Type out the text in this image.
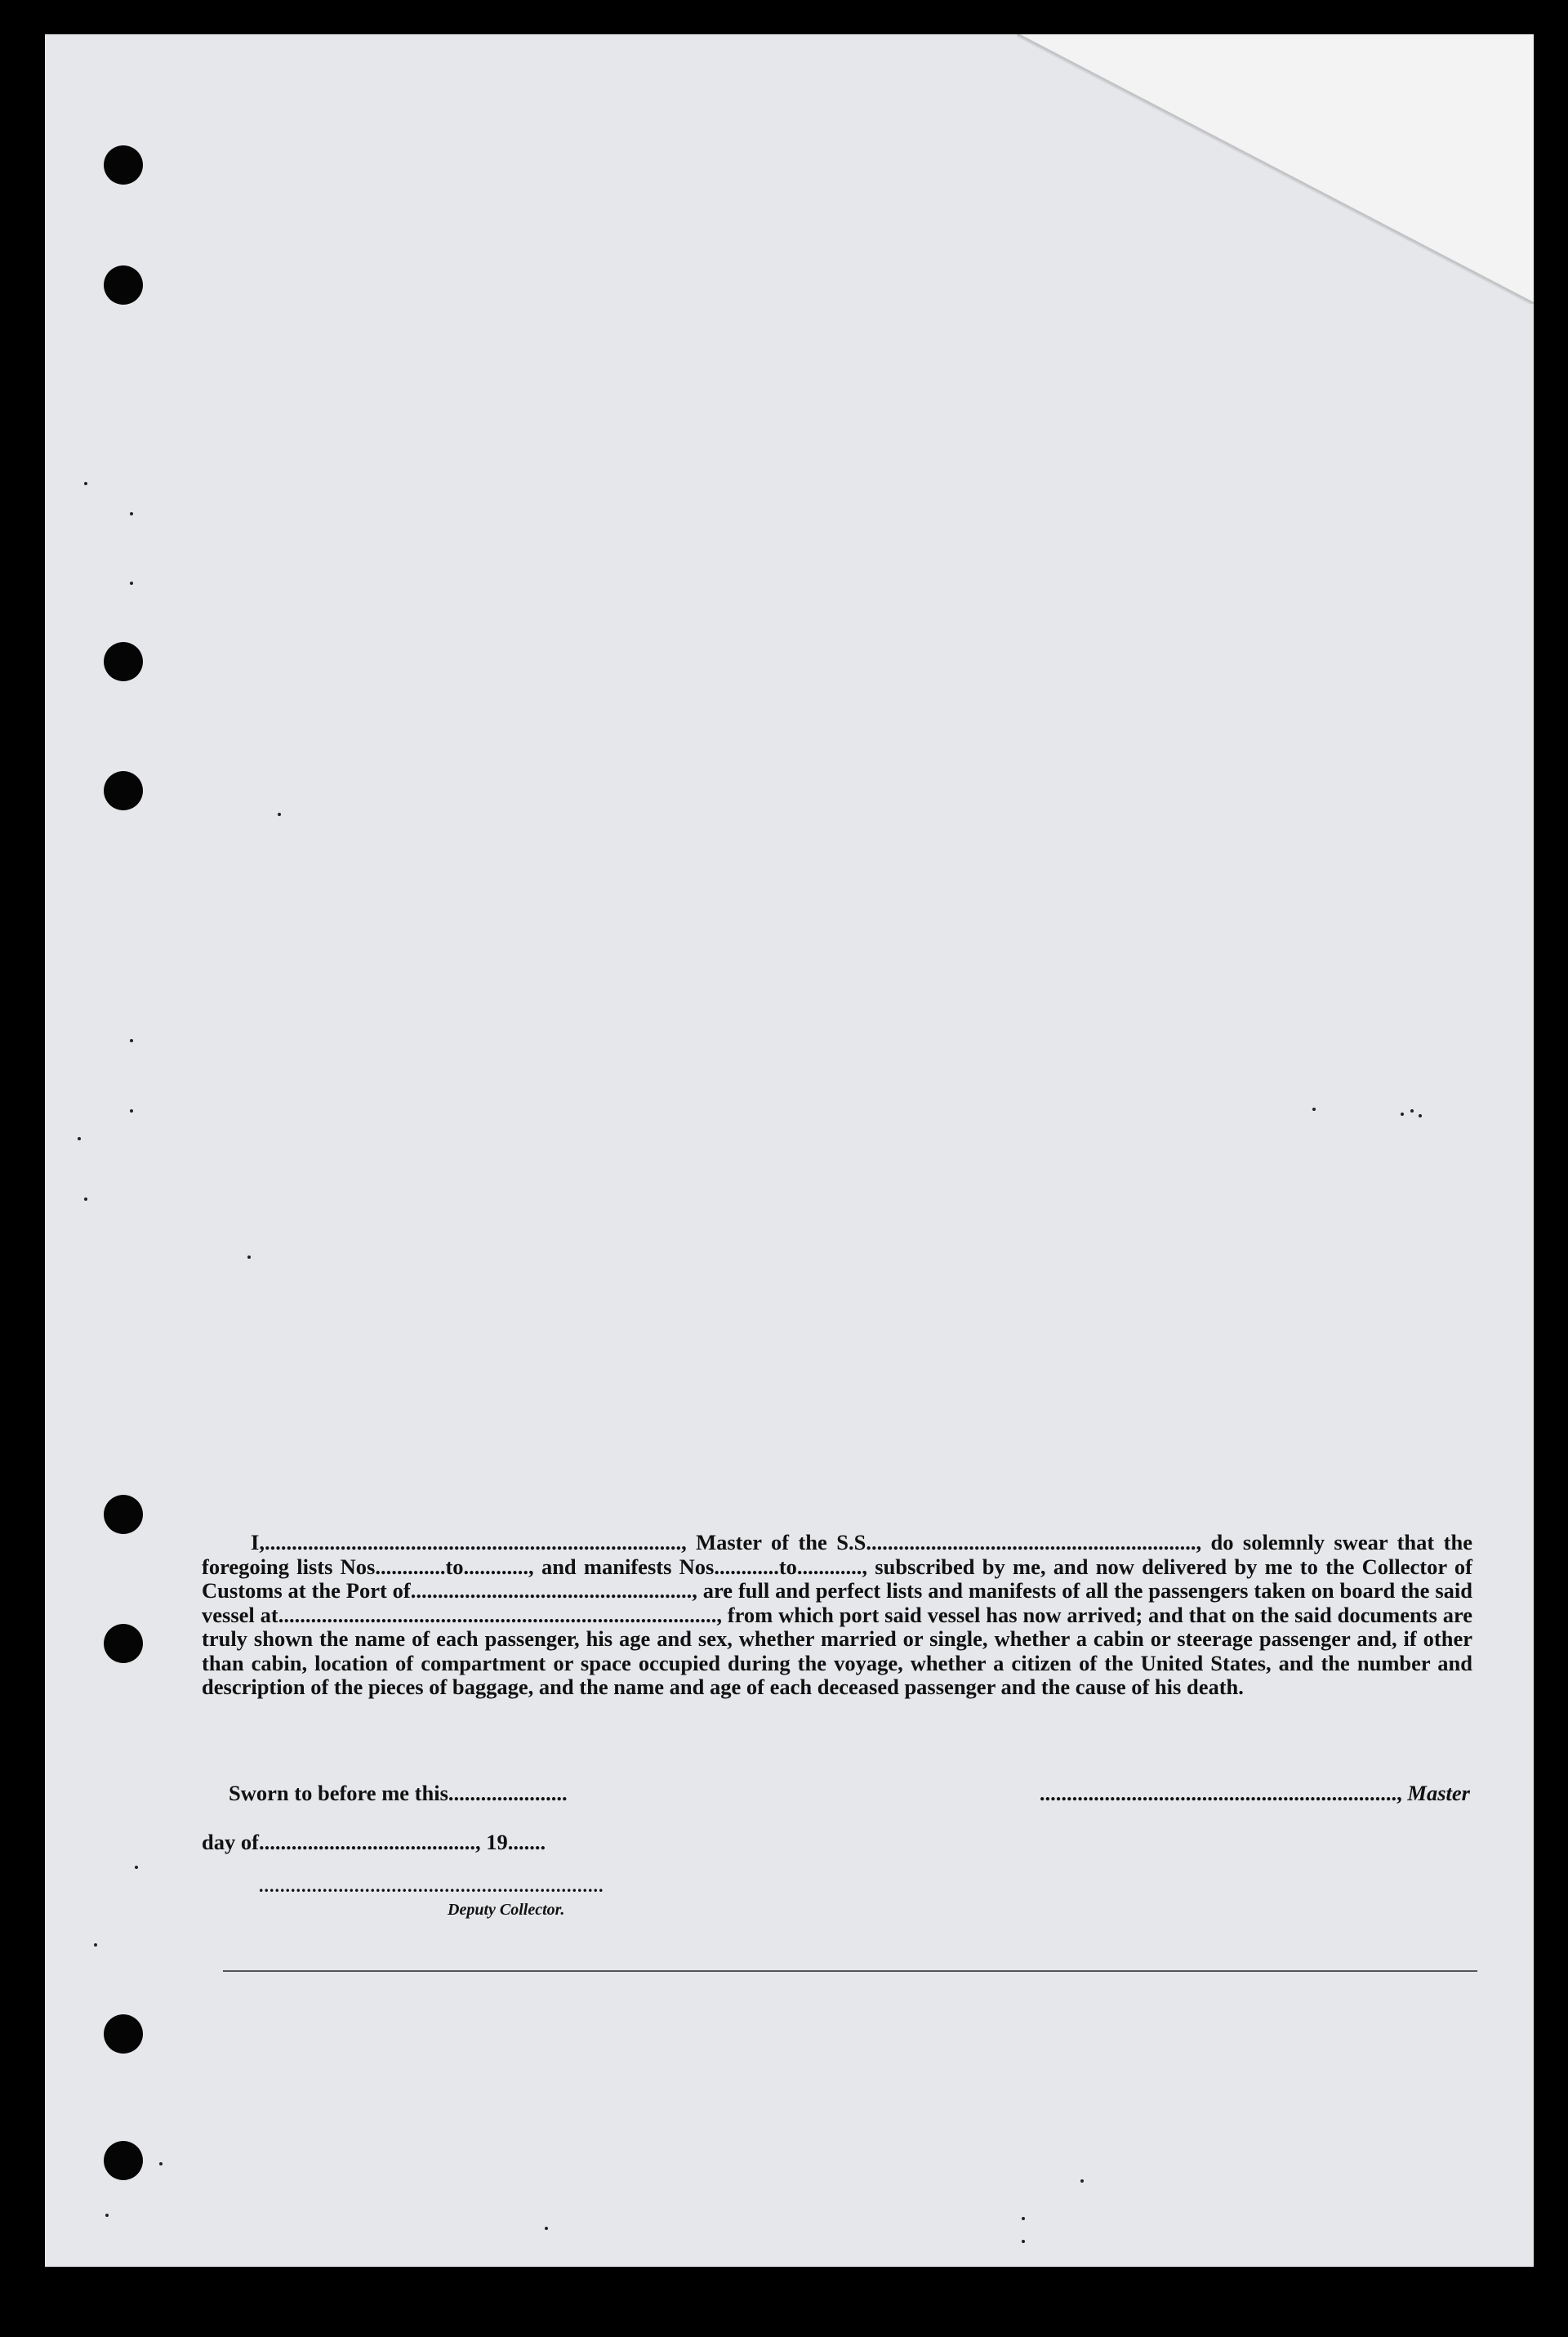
I,............................................................................., Master of the S.S............................................................., do solemnly swear that the foregoing lists Nos.............to............, and manifests Nos............to............, subscribed by me, and now delivered by me to the Collector of Customs at the Port of...................................................., are full and perfect lists and manifests of all the passengers taken on board the said vessel at................................................................................., from which port said vessel has now arrived; and that on the said documents are truly shown the name of each passenger, his age and sex, whether married or single, whether a cabin or steerage passenger and, if other than cabin, location of compartment or space occupied during the voyage, whether a citizen of the United States, and the number and description of the pieces of baggage, and the name and age of each deceased passenger and the cause of his death.
Sworn to before me this......................	.................................................................., Master
day of........................................, 19.......
.................................................................
Deputy Collector.
